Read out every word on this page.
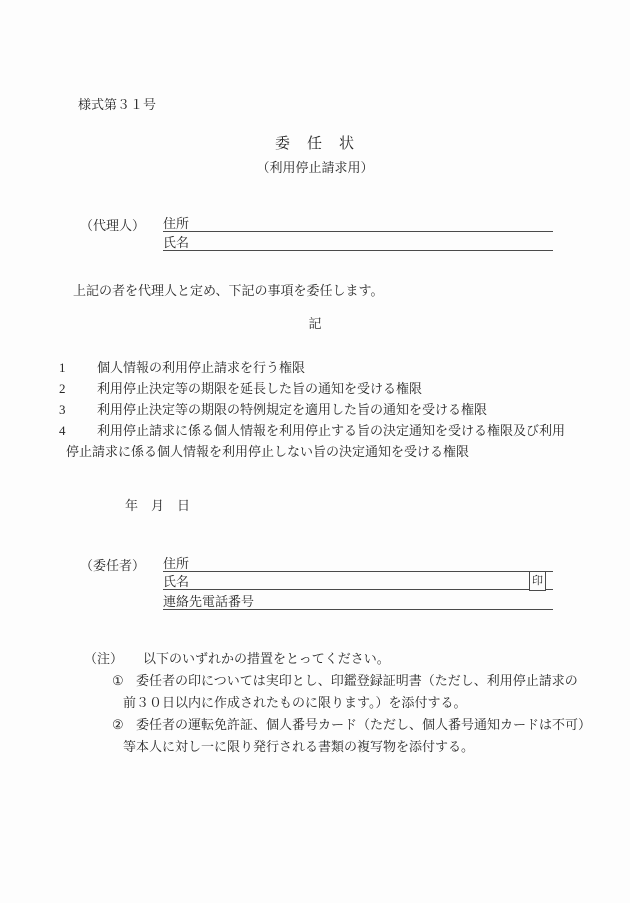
様式第３１号
委　任　状
（利用停止請求用）
（代理人） 住所
氏名
上記の者を代理人と定め、下記の事項を委任します。
記
1	個人情報の利用停止請求を行う権限
2	利用停止決定等の期限を延長した旨の通知を受ける権限
3	利用停止決定等の期限の特例規定を適用した旨の通知を受ける権限
4	利用停止請求に係る個人情報を利用停止する旨の決定通知を受ける権限及び利用
停止請求に係る個人情報を利用停止しない旨の決定通知を受ける権限
年　月　日
（委任者） 住所
氏名	印
連絡先電話番号
（注） 以下のいずれかの措置をとってください。
① 委任者の印については実印とし、印鑑登録証明書（ただし、利用停止請求の
前３０日以内に作成されたものに限ります。）を添付する。
② 委任者の運転免許証、個人番号カード（ただし、個人番号通知カードは不可）
等本人に対し一に限り発行される書類の複写物を添付する。
